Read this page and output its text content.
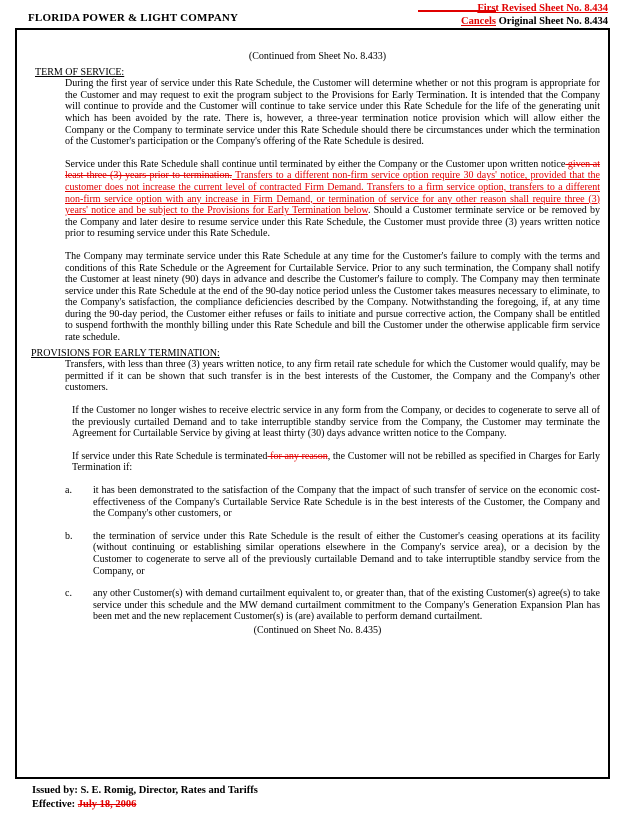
FLORIDA POWER & LIGHT COMPANY
First Revised Sheet No. 8.434
Cancels Original Sheet No. 8.434
(Continued from Sheet No. 8.433)
TERM OF SERVICE:
During the first year of service under this Rate Schedule, the Customer will determine whether or not this program is appropriate for the Customer and may request to exit the program subject to the Provisions for Early Termination. It is intended that the Company will continue to provide and the Customer will continue to take service under this Rate Schedule for the life of the generating unit which has been avoided by the rate. There is, however, a three-year termination notice provision which will allow either the Company or the Company to terminate service under this Rate Schedule should there be circumstances under which the termination of the Customer's participation or the Company's offering of the Rate Schedule is desired.
Service under this Rate Schedule shall continue until terminated by either the Company or the Customer upon written notice given at least three (3) years prior to termination. Transfers to a different non-firm service option require 30 days' notice, provided that the customer does not increase the current level of contracted Firm Demand. Transfers to a firm service option, transfers to a different non-firm service option with any increase in Firm Demand, or termination of service for any other reason shall require three (3) years' notice and be subject to the Provisions for Early Termination below. Should a Customer terminate service or be removed by the Company and later desire to resume service under this Rate Schedule, the Customer must provide three (3) years written notice prior to resuming service under this Rate Schedule.
The Company may terminate service under this Rate Schedule at any time for the Customer's failure to comply with the terms and conditions of this Rate Schedule or the Agreement for Curtailable Service. Prior to any such termination, the Company shall notify the Customer at least ninety (90) days in advance and describe the Customer's failure to comply. The Company may then terminate service under this Rate Schedule at the end of the 90-day notice period unless the Customer takes measures necessary to eliminate, to the Company's satisfaction, the compliance deficiencies described by the Company. Notwithstanding the foregoing, if, at any time during the 90-day period, the Customer either refuses or fails to initiate and pursue corrective action, the Company shall be entitled to suspend forthwith the monthly billing under this Rate Schedule and bill the Customer under the otherwise applicable firm service rate schedule.
PROVISIONS FOR EARLY TERMINATION:
Transfers, with less than three (3) years written notice, to any firm retail rate schedule for which the Customer would qualify, may be permitted if it can be shown that such transfer is in the best interests of the Customer, the Company and the Company's other customers.
If the Customer no longer wishes to receive electric service in any form from the Company, or decides to cogenerate to serve all of the previously curtailed Demand and to take interruptible standby service from the Company, the Customer may terminate the Agreement for Curtailable Service by giving at least thirty (30) days advance written notice to the Company.
If service under this Rate Schedule is terminated for any reason, the Customer will not be rebilled as specified in Charges for Early Termination if:
a.	it has been demonstrated to the satisfaction of the Company that the impact of such transfer of service on the economic cost-effectiveness of the Company's Curtailable Service Rate Schedule is in the best interests of the Customer, the Company and the Company's other customers, or
b.	the termination of service under this Rate Schedule is the result of either the Customer's ceasing operations at its facility (without continuing or establishing similar operations elsewhere in the Company's service area), or a decision by the Customer to cogenerate to serve all of the previously curtailable Demand and to take interruptible standby service from the Company, or
c.	any other Customer(s) with demand curtailment equivalent to, or greater than, that of the existing Customer(s) agree(s) to take service under this schedule and the MW demand curtailment commitment to the Company's Generation Expansion Plan has been met and the new replacement Customer(s) is (are) available to perform demand curtailment.
(Continued on Sheet No. 8.435)
Issued by: S. E. Romig, Director, Rates and Tariffs
Effective: July 18, 2006
